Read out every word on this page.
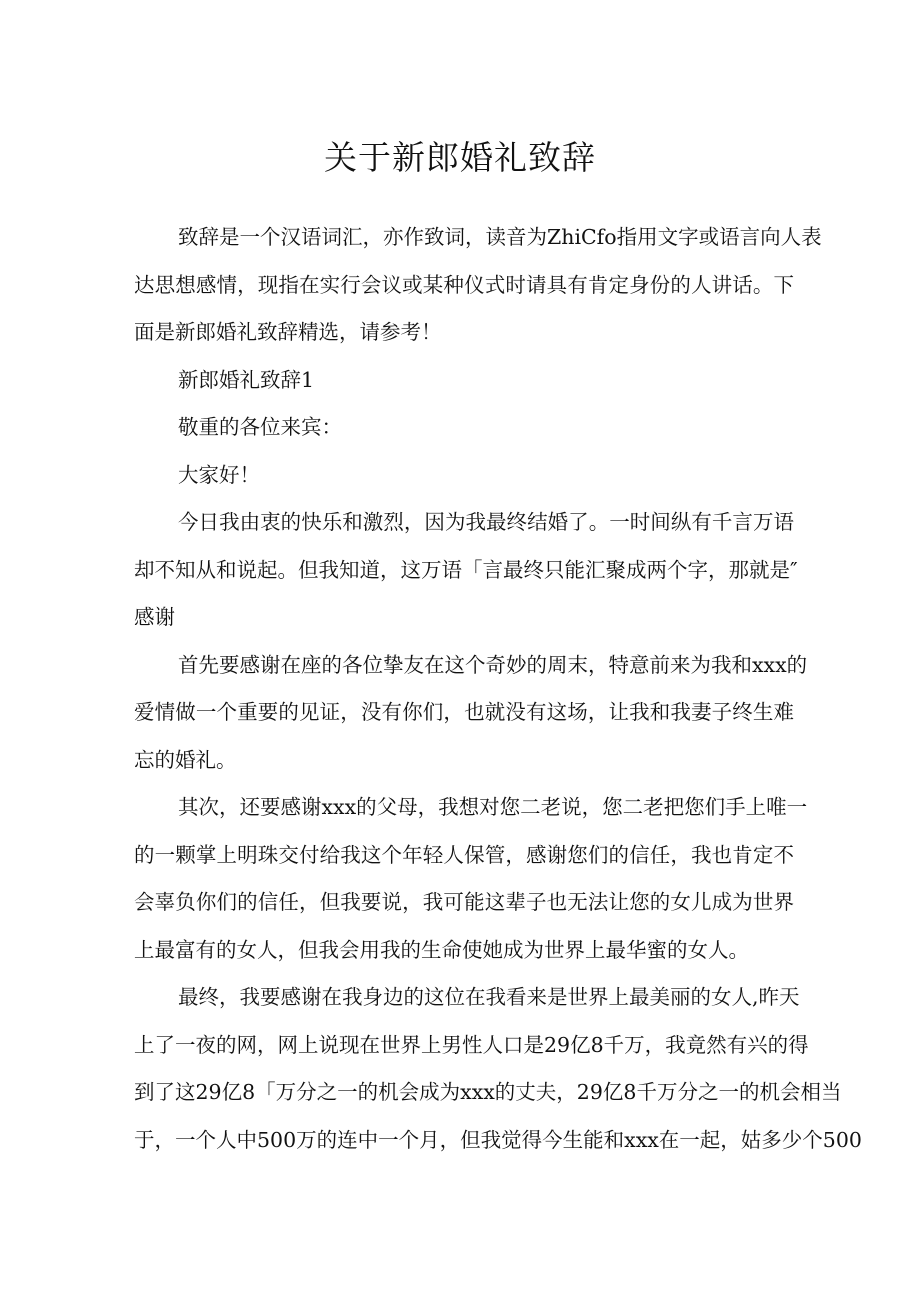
关于新郎婚礼致辞
致辞是一个汉语词汇，亦作致词，读音为ZhiCfo指用文字或语言向人表
达思想感情，现指在实行会议或某种仪式时请具有肯定身份的人讲话。下
面是新郎婚礼致辞精选，请参考！
新郎婚礼致辞1
敬重的各位来宾：
大家好！
今日我由衷的快乐和激烈，因为我最终结婚了。一时间纵有千言万语
却不知从和说起。但我知道，这万语「言最终只能汇聚成两个字，那就是″
感谢
首先要感谢在座的各位挚友在这个奇妙的周末，特意前来为我和xxx的
爱情做一个重要的见证，没有你们，也就没有这场，让我和我妻子终生难
忘的婚礼。
其次，还要感谢xxx的父母，我想对您二老说，您二老把您们手上唯一
的一颗掌上明珠交付给我这个年轻人保管，感谢您们的信任，我也肯定不
会辜负你们的信任，但我要说，我可能这辈子也无法让您的女儿成为世界
上最富有的女人，但我会用我的生命使她成为世界上最华蜜的女人。
最终，我要感谢在我身边的这位在我看来是世界上最美丽的女人,昨天
上了一夜的网，网上说现在世界上男性人口是29亿8千万，我竟然有兴的得
到了这29亿8「万分之一的机会成为xxx的丈夫，29亿8千万分之一的机会相当
于，一个人中500万的连中一个月，但我觉得今生能和xxx在一起，姑多少个500
